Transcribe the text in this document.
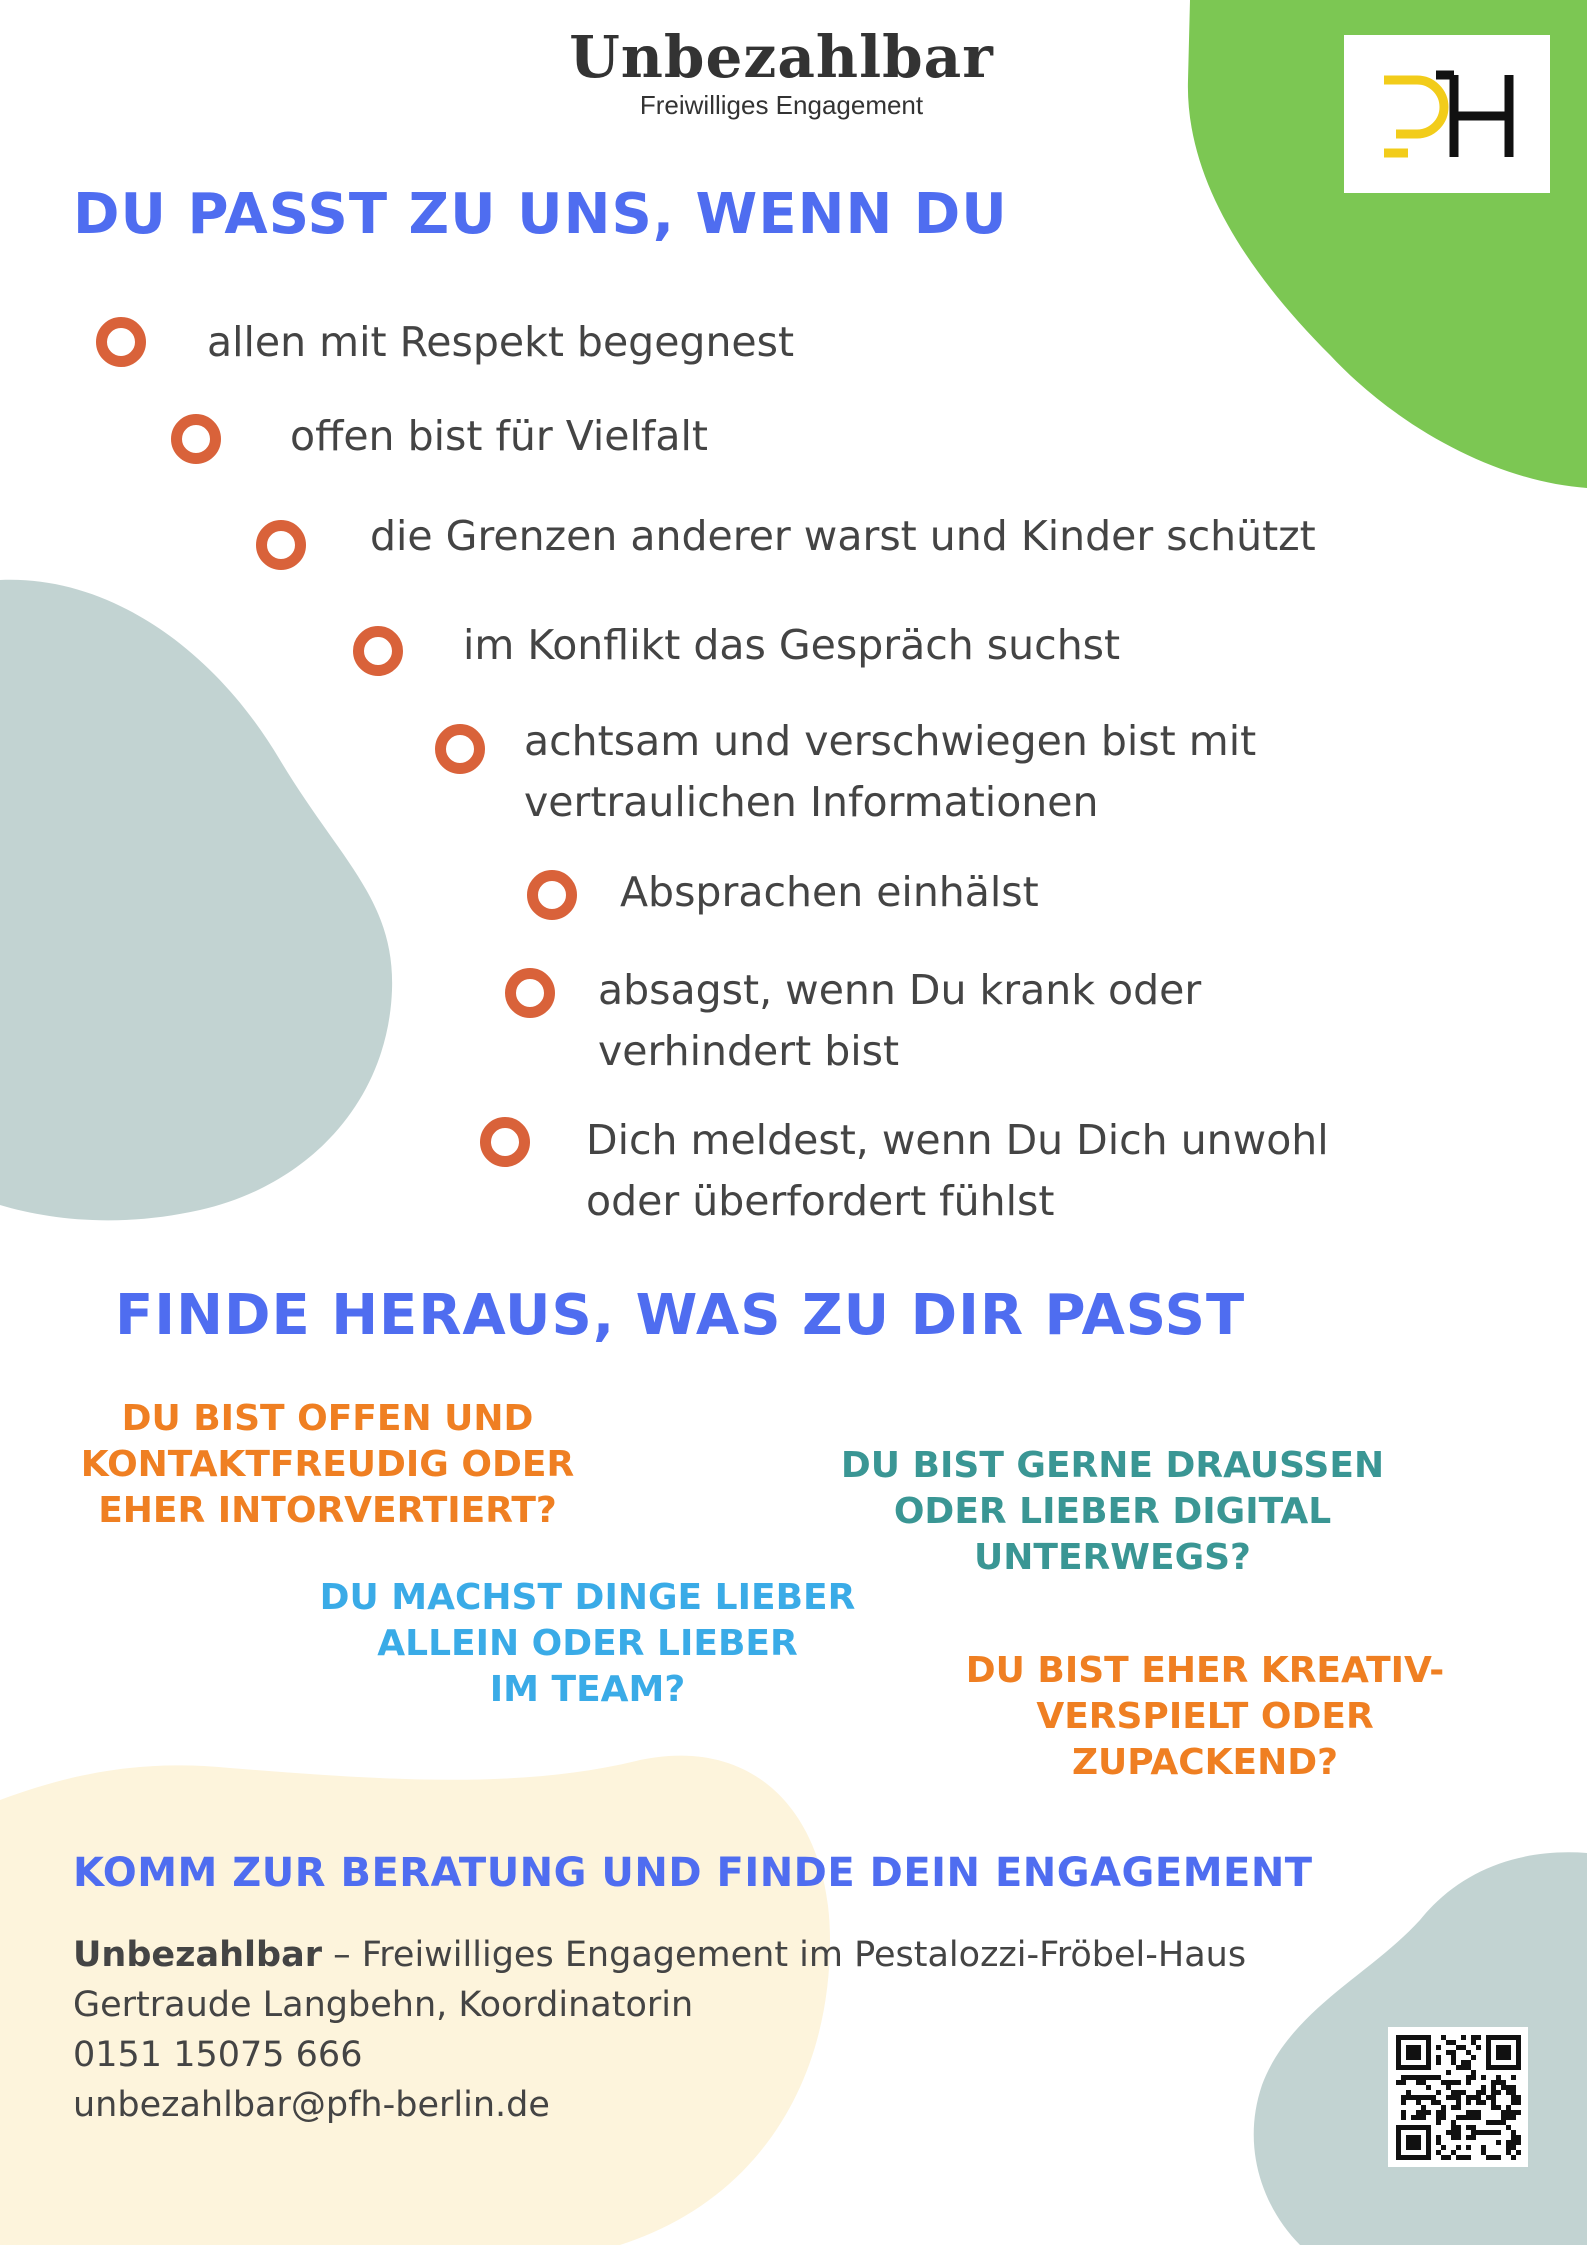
Unbezahlbar
Freiwilliges Engagement
DU PASST ZU UNS, WENN DU
allen mit Respekt begegnest
offen bist für Vielfalt
die Grenzen anderer warst und Kinder schützt
im Konflikt das Gespräch suchst
achtsam und verschwiegen bist mit
vertraulichen Informationen
Absprachen einhälst
absagst, wenn Du krank oder
verhindert bist
Dich meldest, wenn Du Dich unwohl
oder überfordert fühlst
FINDE HERAUS, WAS ZU DIR PASST
DU BIST OFFEN UND
KONTAKTFREUDIG ODER
EHER INTORVERTIERT?
DU BIST GERNE DRAUSSEN
ODER LIEBER DIGITAL
UNTERWEGS?
DU MACHST DINGE LIEBER
ALLEIN ODER LIEBER
IM TEAM?	DU BIST EHER KREATIV-
VERSPIELT ODER
ZUPACKEND?
KOMM ZUR BERATUNG UND FINDE DEIN ENGAGEMENT
Unbezahlbar – Freiwilliges Engagement im Pestalozzi-Fröbel-Haus
Gertraude Langbehn, Koordinatorin
0151 15075 666
unbezahlbar@pfh-berlin.de
